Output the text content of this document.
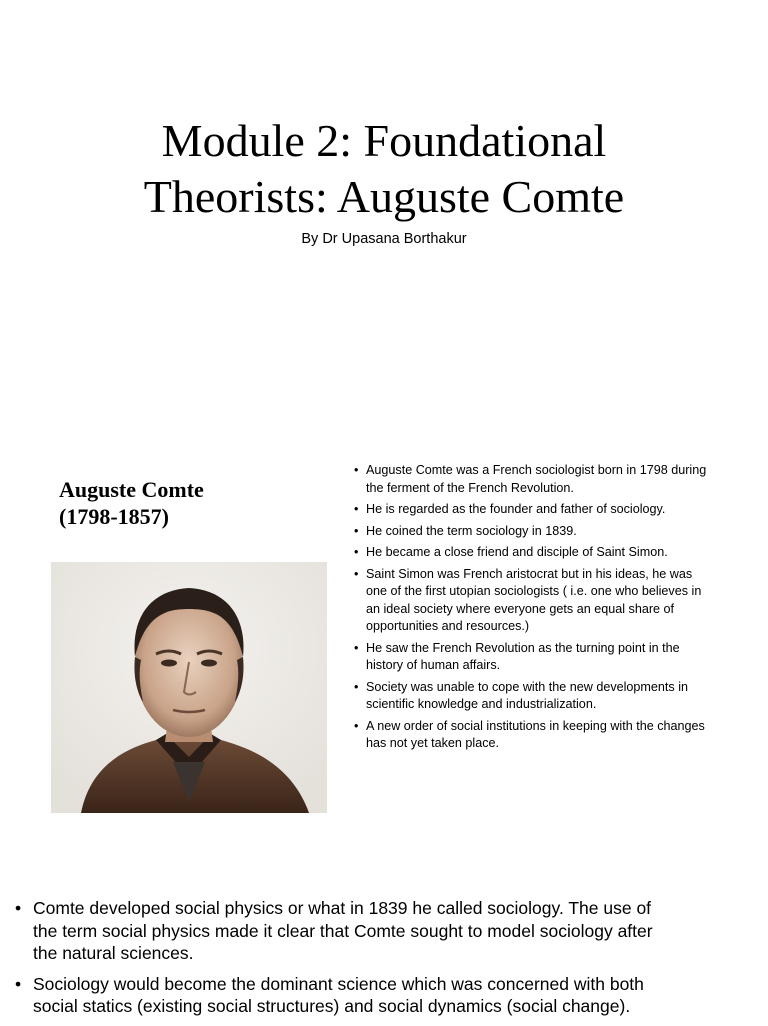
Module 2: Foundational
Theorists: Auguste Comte

By Dr Upasana Borthakur

Auguste Comte
(1798-1857)
• Auguste Comte was a French sociologist born in 1798 during the ferment of the French Revolution.
• He is regarded as the founder and father of sociology.
• He coined the term sociology in 1839.
• He became a close friend and disciple of Saint Simon.
• Saint Simon was French aristocrat but in his ideas, he was one of the first utopian sociologists ( i.e. one who believes in an ideal society where everyone gets an equal share of opportunities and resources.)
• He saw the French Revolution as the turning point in the history of human affairs.
• Society was unable to cope with the new developments in scientific knowledge and industrialization.
• A new order of social institutions in keeping with the changes has not yet taken place.
• Comte developed social physics or what in 1839 he called sociology. The use of the term social physics made it clear that Comte sought to model sociology after the natural sciences.
• Sociology would become the dominant science which was concerned with both social statics (existing social structures) and social dynamics (social change).
